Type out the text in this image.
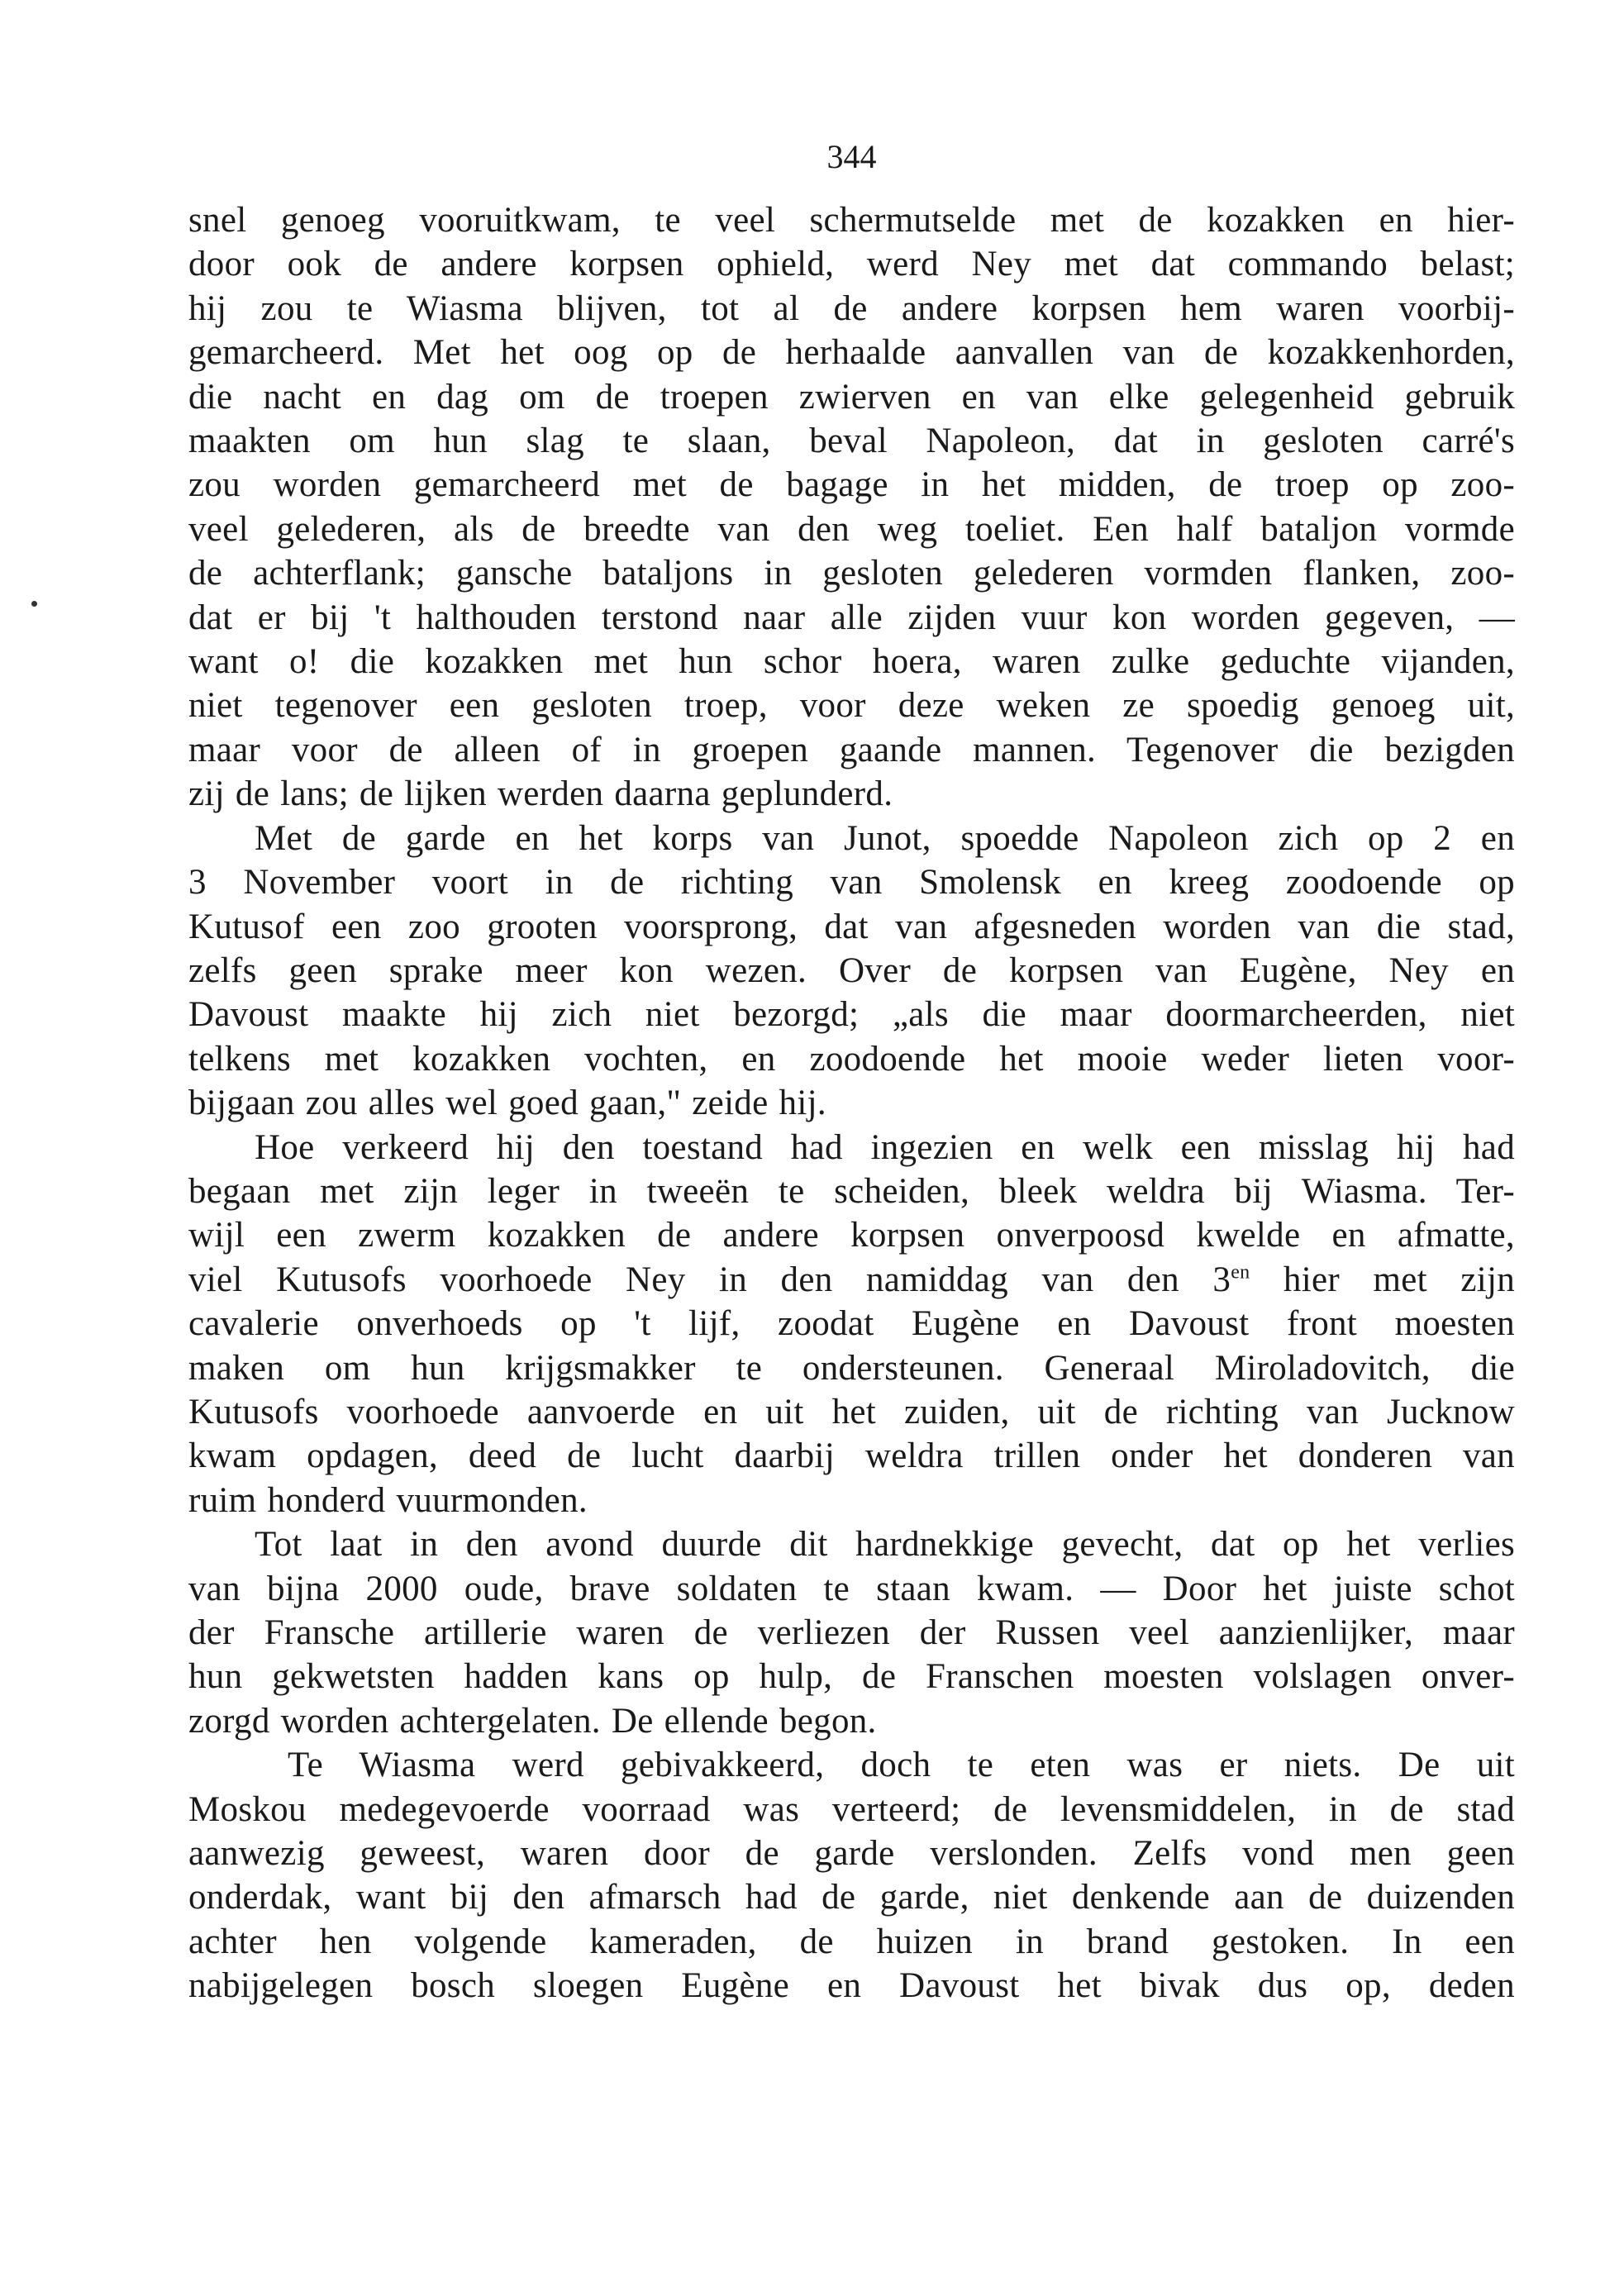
344

snel genoeg vooruitkwam, te veel schermutselde met de kozakken en hier-

door ook de andere korpsen ophield, werd Ney met dat commando belast;

hij zou te Wiasma blijven, tot al de andere korpsen hem waren voorbij-

gemarcheerd. Met het oog op de herhaalde aanvallen van de kozakkenhorden,

die nacht en dag om de troepen zwierven en van elke gelegenheid gebruik

maakten om hun slag te slaan, beval Napoleon, dat in gesloten carré's

zou worden gemarcheerd met de bagage in het midden, de troep op zoo-

veel gelederen, als de breedte van den weg toeliet. Een half bataljon vormde

de achterflank; gansche bataljons in gesloten gelederen vormden flanken, zoo-

dat er bij 't halthouden terstond naar alle zijden vuur kon worden gegeven, —

want o! die kozakken met hun schor hoera, waren zulke geduchte vijanden,

niet tegenover een gesloten troep, voor deze weken ze spoedig genoeg uit,

maar voor de alleen of in groepen gaande mannen. Tegenover die bezigden

zij de lans; de lijken werden daarna geplunderd.

Met de garde en het korps van Junot, spoedde Napoleon zich op 2 en

3 November voort in de richting van Smolensk en kreeg zoodoende op

Kutusof een zoo grooten voorsprong, dat van afgesneden worden van die stad,

zelfs geen sprake meer kon wezen. Over de korpsen van Eugène, Ney en

Davoust maakte hij zich niet bezorgd; „als die maar doormarcheerden, niet

telkens met kozakken vochten, en zoodoende het mooie weder lieten voor-

bijgaan zou alles wel goed gaan," zeide hij.

Hoe verkeerd hij den toestand had ingezien en welk een misslag hij had

begaan met zijn leger in tweeën te scheiden, bleek weldra bij Wiasma. Ter-

wijl een zwerm kozakken de andere korpsen onverpoosd kwelde en afmatte,

viel Kutusofs voorhoede Ney in den namiddag van den $3^{en}$ hier met zijn

cavalerie onverhoeds op 't lijf, zoodat Eugène en Davoust front moesten

maken om hun krijgsmakker te ondersteunen. Generaal Miroladovitch, die

Kutusofs voorhoede aanvoerde en uit het zuiden, uit de richting van Jucknow

kwam opdagen, deed de lucht daarbij weldra trillen onder het donderen van

ruim honderd vuurmonden.

Tot laat in den avond duurde dit hardnekkige gevecht, dat op het verlies

van bijna 2000 oude, brave soldaten te staan kwam. — Door het juiste schot

der Fransche artillerie waren de verliezen der Russen veel aanzienlijker, maar

hun gekwetsten hadden kans op hulp, de Franschen moesten volslagen onver-

zorgd worden achtergelaten. De ellende begon.

Te Wiasma werd gebivakkeerd, doch te eten was er niets. De uit

Moskou medegevoerde voorraad was verteerd; de levensmiddelen, in de stad

aanwezig geweest, waren door de garde verslonden. Zelfs vond men geen

onderdak, want bij den afmarsch had de garde, niet denkende aan de duizenden

achter hen volgende kameraden, de huizen in brand gestoken. In een

nabijgelegen bosch sloegen Eugène en Davoust het bivak dus op, deden
